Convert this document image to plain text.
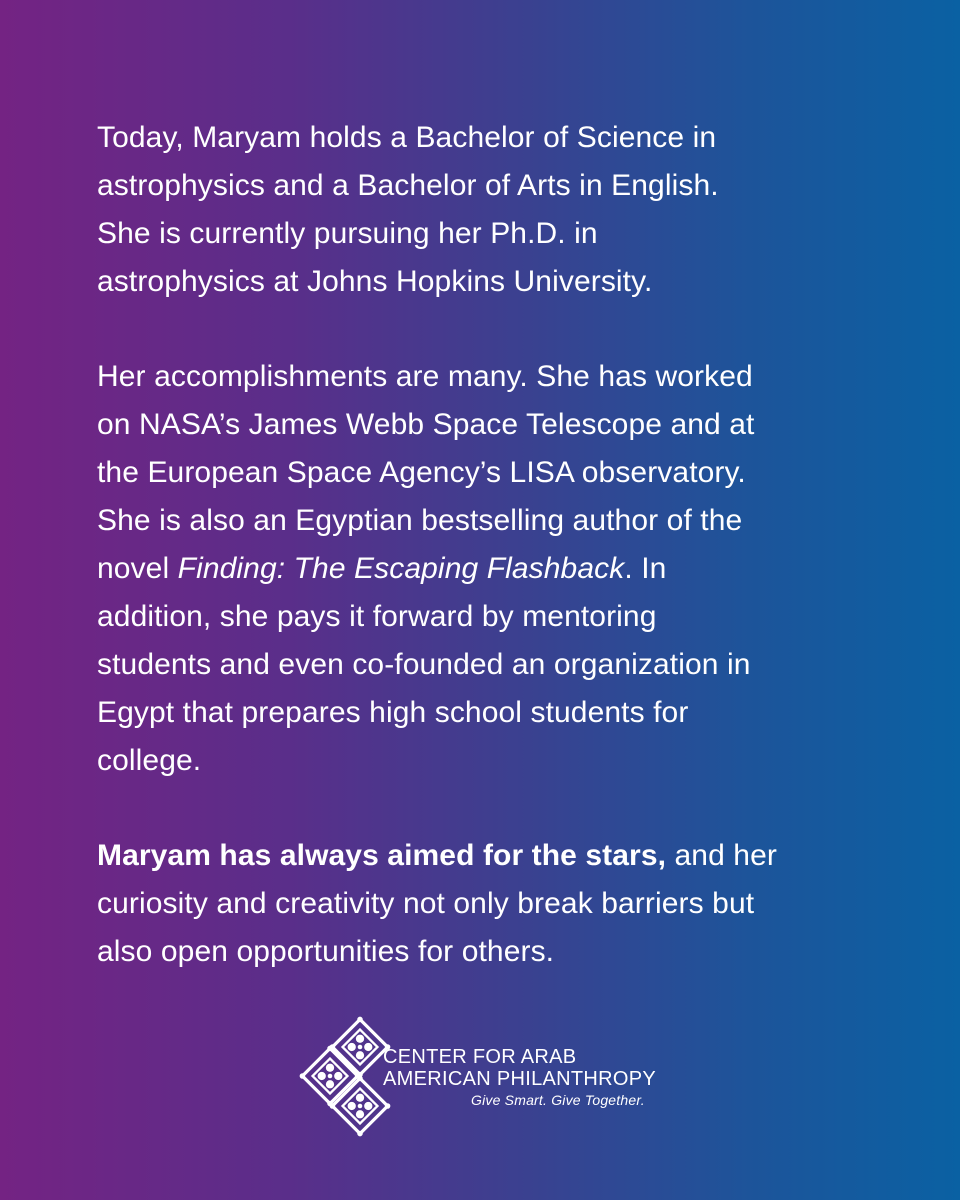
Today, Maryam holds a Bachelor of Science in
astrophysics and a Bachelor of Arts in English.
She is currently pursuing her Ph.D. in
astrophysics at Johns Hopkins University.

Her accomplishments are many. She has worked
on NASA’s James Webb Space Telescope and at
the European Space Agency’s LISA observatory.
She is also an Egyptian bestselling author of the
novel Finding: The Escaping Flashback. In
addition, she pays it forward by mentoring
students and even co-founded an organization in
Egypt that prepares high school students for
college.

Maryam has always aimed for the stars, and her
curiosity and creativity not only break barriers but
also open opportunities for others.

CENTER FOR ARAB
AMERICAN PHILANTHROPY
Give Smart. Give Together.
